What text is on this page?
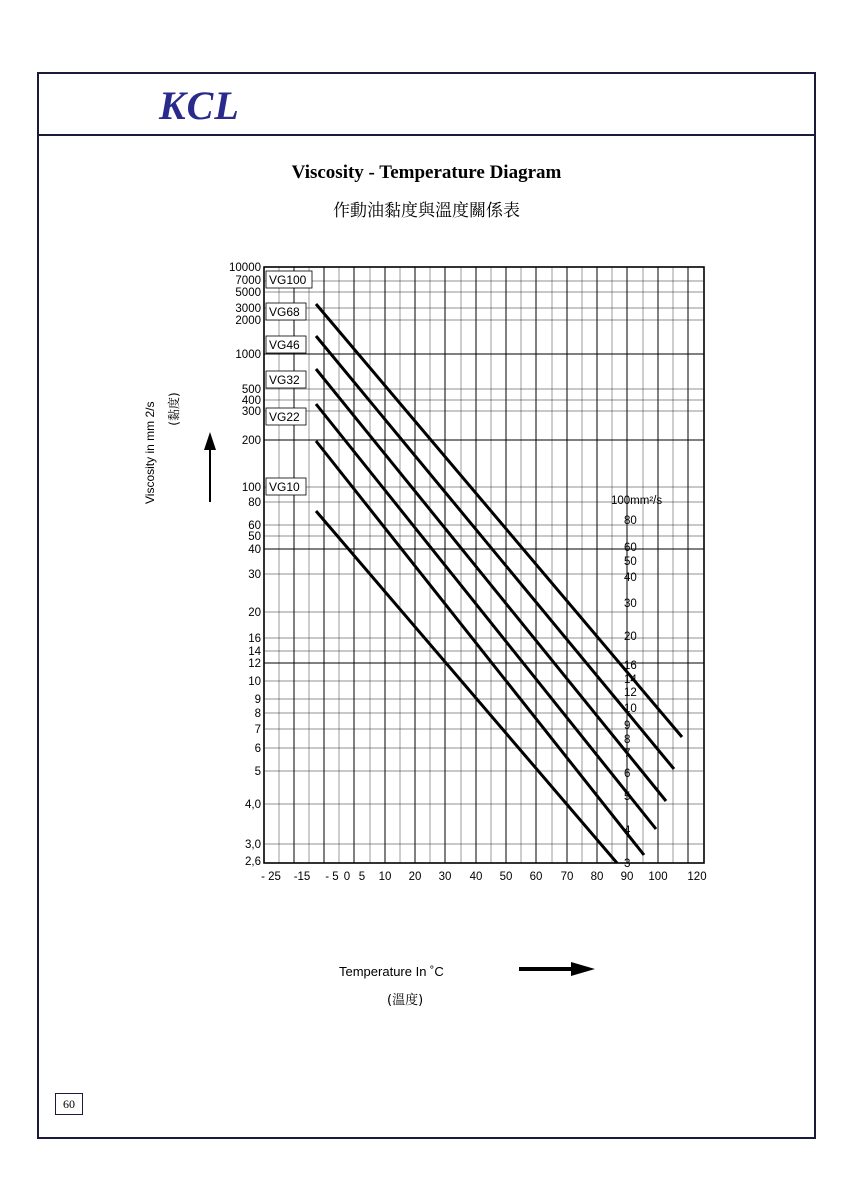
KCL
Viscosity - Temperature Diagram
作動油黏度與溫度關係表
Viscosity in mm 2/s (黏度)
VG100
VG68
VG46
VG32
VG22
VG10
10000
7000
5000
3000
2000
1000
500
400
300
200
100
80
60
50
40
30
20
16
14
12
10
9
8
7
6
5
4,0
3,0
2,6
100mm²/s
80
60
50
40
30
20
16
14
12
10
9
8
7
6
5
4
3
- 25 -15 - 5 0 5 10 20 30 40 50 60 70 80 90 100 120
Temperature In ˚C
(溫度)
60
